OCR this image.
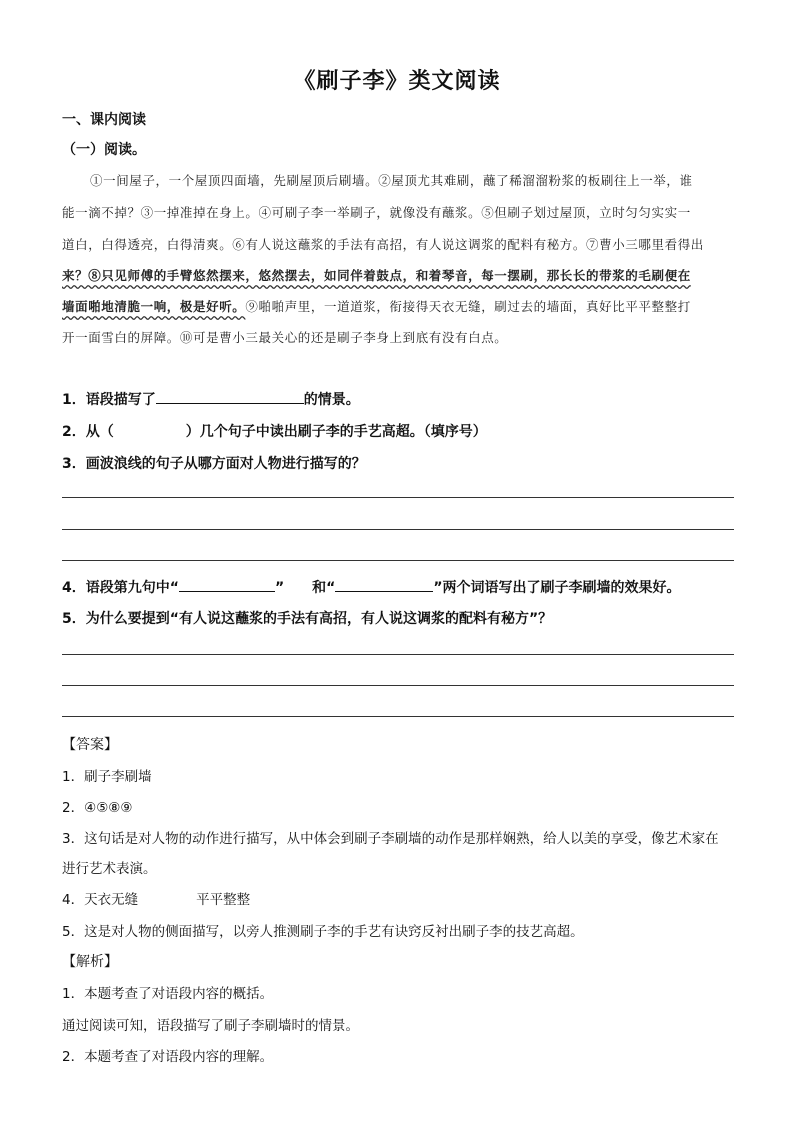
《刷子李》类文阅读
一、课内阅读
（一）阅读。
①一间屋子，一个屋顶四面墙，先刷屋顶后刷墙。②屋顶尤其难刷，蘸了稀溜溜粉浆的板刷往上一举，谁
能一滴不掉？③一掉准掉在身上。④可刷子李一举刷子，就像没有蘸浆。⑤但刷子划过屋顶，立时匀匀实实一
道白，白得透亮，白得清爽。⑥有人说这蘸浆的手法有高招，有人说这调浆的配料有秘方。⑦曹小三哪里看得出
来？⑧只见师傅的手臂悠然摆来，悠然摆去，如同伴着鼓点，和着琴音，每一摆刷，那长长的带浆的毛刷便在
墙面啪地清脆一响，极是好听。⑨啪啪声里，一道道浆，衔接得天衣无缝，刷过去的墙面，真好比平平整整打
开一面雪白的屏障。⑩可是曹小三最关心的还是刷子李身上到底有没有白点。
1．语段描写了	的情景。
2．从（	）几个句子中读出刷子李的手艺高超。（填序号）
3．画波浪线的句子从哪方面对人物进行描写的？
4．语段第九句中“	” 和“	”两个词语写出了刷子李刷墙的效果好。
5．为什么要提到“有人说这蘸浆的手法有高招，有人说这调浆的配料有秘方”？
【答案】
1．刷子李刷墙
2．④⑤⑧⑨
3．这句话是对人物的动作进行描写，从中体会到刷子李刷墙的动作是那样娴熟，给人以美的享受，像艺术家在
进行艺术表演。
4．天衣无缝	平平整整
5．这是对人物的侧面描写，以旁人推测刷子李的手艺有诀窍反衬出刷子李的技艺高超。
【解析】
1．本题考查了对语段内容的概括。
通过阅读可知，语段描写了刷子李刷墙时的情景。
2．本题考查了对语段内容的理解。
